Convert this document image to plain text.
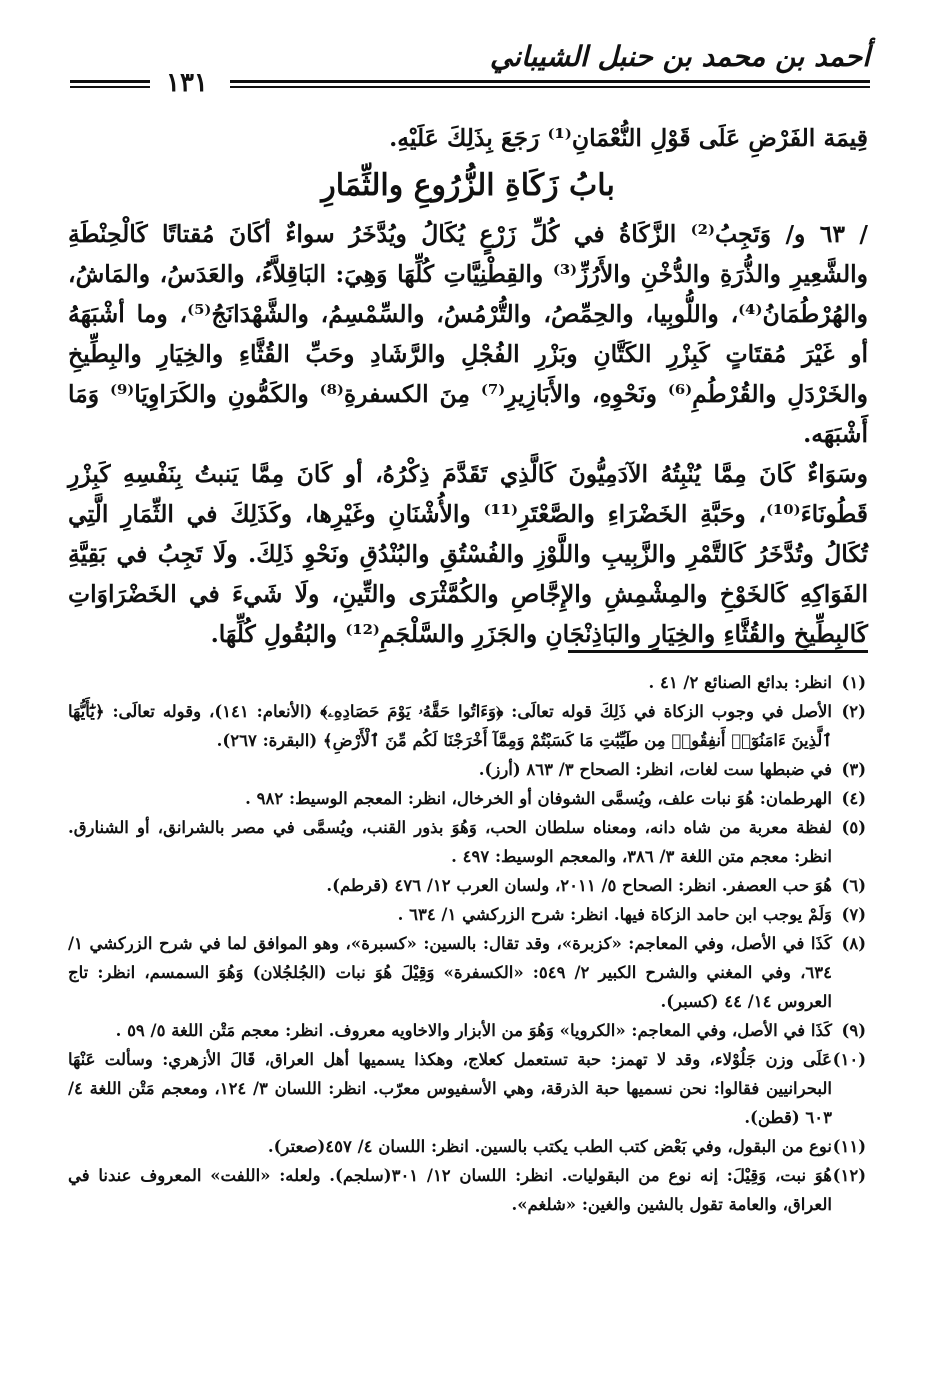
١٣١
أحمد بن محمد بن حنبل الشيباني

قِيمَة الفَرْضِ عَلَى قَوْلِ النُّعْمَانِ⁽¹⁾ رَجَعَ بِذَلِكَ عَلَيْهِ.

بابُ زَكَاةِ الزُّرُوعِ والثِّمَارِ

/ ٦٣ و/ وَتَجِبُ⁽²⁾ الزَّكَاةُ في كُلِّ زَرْعٍ يُكَالُ ويُدَّخَرُ سواءٌ أكَانَ مُقتاتًا كَالْحِنْطَةِ والشَّعِيرِ والذُّرَةِ والدُّخْنِ والأَرُزِّ⁽³⁾ والقِطْنِيَّاتِ كُلِّهَا وَهِيَ: البَاقِلاَّءُ، والعَدَسُ، والمَاشُ، والهُرْطُمَانُ⁽⁴⁾، واللُّوبِيا، والحِمِّصُ، والتُّرْمُسُ، والسِّمْسِمُ، والشَّهْدَانَجُ⁽⁵⁾، وما أشْبَهَهُ أو غَيْرَ مُقتَاتٍ كَبِزْرِ الكَتَّانِ وبَزْرِ الفُجْلِ والرَّشَادِ وحَبِّ القُثَّاءِ والخِيَارِ والبِطِّيخِ والخَرْدَلِ والقُرْطُمِ⁽⁶⁾ ونَحْوِهِ، والأَبَازِيرِ⁽⁷⁾ مِنَ الكسفرةِ⁽⁸⁾ والكَمُّونِ والكَرَاوِيَا⁽⁹⁾ وَمَا أَشْبَهَه.

وسَوَاءٌ كَانَ مِمَّا يُنْبِتُهُ الآدَمِيُّونَ كَالَّذِي تَقَدَّمَ ذِكْرُهُ، أو كَانَ مِمَّا يَنبتُ بِنَفْسِهِ كَبِزْرِ قَطُونَاءَ⁽¹⁰⁾، وحَبَّةِ الخَضْرَاءِ والصَّعْتَرِ⁽¹¹⁾ والأُشْنَانِ وغَيْرِها، وكَذَلِكَ في الثِّمَارِ الَّتِي تُكَالُ وتُدَّخَرُ كَالتَّمْرِ والزَّبِيبِ واللَّوْزِ والفُسْتُقِ والبُنْدُقِ ونَحْوِ ذَلِكَ. ولَا تَجِبُ في بَقِيَّةِ الفَوَاكِهِ كَالخَوْخِ والمِشْمِشِ والإِجَّاصِ والكُمَّثْرَى والتِّينِ، ولَا شَيءَ في الخَضْرَاوَاتِ كَالبِطِّيخِ والقُثَّاءِ والخِيَارِ والبَاذِنْجَانِ والجَزَرِ والسَّلْجَمِ⁽¹²⁾ والبُقُولِ كُلِّهَا.

(١)انظر: بدائع الصنائع ٢/ ٤١ .

(٢)الأصل في وجوب الزكاة في ذَلِكَ قوله تعالَى: ﴿وَءَاتُوا حَقَّهُۥ يَوْمَ حَصَادِهِۦ﴾ (الأنعام: ١٤١)، وقوله تعالَى: ﴿يَٰٓأَيُّهَا ٱلَّذِينَ ءَامَنُوٓا۟ أَنفِقُوا۟ مِن طَيِّبَٰتِ مَا كَسَبْتُمْ وَمِمَّآ أَخْرَجْنَا لَكُم مِّنَ ٱلْأَرْضِ﴾ (البقرة: ٢٦٧).

(٣)في ضبطها ست لغات، انظر: الصحاح ٣/ ٨٦٣ (أرز).

(٤)الهرطمان: هُوَ نبات علف، ويُسمَّى الشوفان أو الخرخال، انظر: المعجم الوسيط: ٩٨٢ .

(٥)لفظة معربة من شاه دانه، ومعناه سلطان الحب، وَهُوَ بذور القنب، ويُسمَّى في مصر بالشرانق، أو الشنارق. انظر: معجم متن اللغة ٣/ ٣٨٦، والمعجم الوسيط: ٤٩٧ .

(٦)هُوَ حب العصفر. انظر: الصحاح ٥/ ٢٠١١، ولسان العرب ١٢/ ٤٧٦ (قرطم).

(٧)وَلَمْ يوجب ابن حامد الزكاة فيها. انظر: شرح الزركشي ١/ ٦٣٤ .

(٨)كَذَا في الأصل، وفي المعاجم: «كزبرة»، وقد تقال: بالسين: «كسبرة»، وهو الموافق لما في شرح الزركشي ١/ ٦٣٤، وفي المغني والشرح الكبير ٢/ ٥٤٩: «الكسفرة» وَقِيْلَ هُوَ نبات (الجُلجُلان) وَهُوَ السمسم، انظر: تاج العروس ١٤/ ٤٤ (كسبر).

(٩)كَذَا في الأصل، وفي المعاجم: «الكرويا» وَهُوَ من الأبزار والاخاويه معروف. انظر: معجم مَتْن اللغة ٥/ ٥٩ .

(١٠)عَلَى وزن جَلُوْلاء، وقد لا تهمز: حبة تستعمل كعلاج، وهكذا يسميها أهل العراق، قَالَ الأزهري: وسألت عَنْهَا البحرانيين فقالوا: نحن نسميها حبة الذرقة، وهي الأسفيوس معرّب. انظر: اللسان ٣/ ١٢٤، ومعجم مَتْن اللغة ٤/ ٦٠٣ (قطن).

(١١)نوع من البقول، وفي بَعْض كتب الطب يكتب بالسين. انظر: اللسان ٤/ ٤٥٧(صعتر).

(١٢)هُوَ نبت، وَقِيْلَ: إنه نوع من البقوليات. انظر: اللسان ١٢/ ٣٠١(سلجم). ولعله: «اللفت» المعروف عندنا في العراق، والعامة تقول بالشين والغين: «شلغم».
